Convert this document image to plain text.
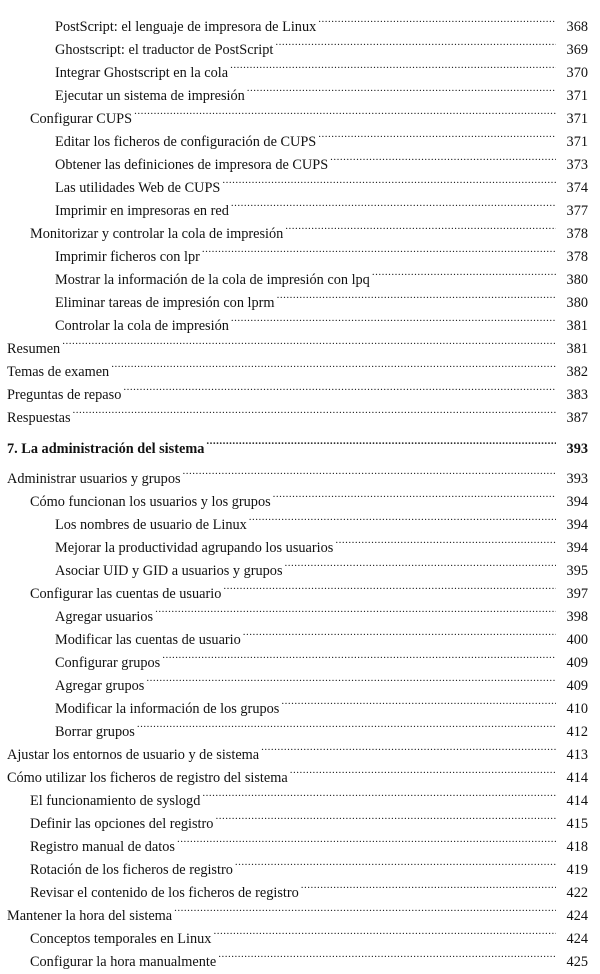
PostScript: el lenguaje de impresora de Linux .....	368
Ghostscript: el traductor de PostScript .....	369
Integrar Ghostscript en la cola .....	370
Ejecutar un sistema de impresión .....	371
Configurar CUPS .....	371
Editar los ficheros de configuración de CUPS .....	371
Obtener las definiciones de impresora de CUPS .....	373
Las utilidades Web de CUPS .....	374
Imprimir en impresoras en red .....	377
Monitorizar y controlar la cola de impresión .....	378
Imprimir ficheros con lpr .....	378
Mostrar la información de la cola de impresión con lpq .....	380
Eliminar tareas de impresión con lprm .....	380
Controlar la cola de impresión .....	381
Resumen .....	381
Temas de examen .....	382
Preguntas de repaso .....	383
Respuestas .....	387
7. La administración del sistema .....	393
Administrar usuarios y grupos .....	393
Cómo funcionan los usuarios y los grupos .....	394
Los nombres de usuario de Linux .....	394
Mejorar la productividad agrupando los usuarios .....	394
Asociar UID y GID a usuarios y grupos .....	395
Configurar las cuentas de usuario .....	397
Agregar usuarios .....	398
Modificar las cuentas de usuario .....	400
Configurar grupos .....	409
Agregar grupos .....	409
Modificar la información de los grupos .....	410
Borrar grupos .....	412
Ajustar los entornos de usuario y de sistema .....	413
Cómo utilizar los ficheros de registro del sistema .....	414
El funcionamiento de syslogd .....	414
Definir las opciones del registro .....	415
Registro manual de datos .....	418
Rotación de los ficheros de registro .....	419
Revisar el contenido de los ficheros de registro .....	422
Mantener la hora del sistema .....	424
Conceptos temporales en Linux .....	424
Configurar la hora manualmente .....	425
